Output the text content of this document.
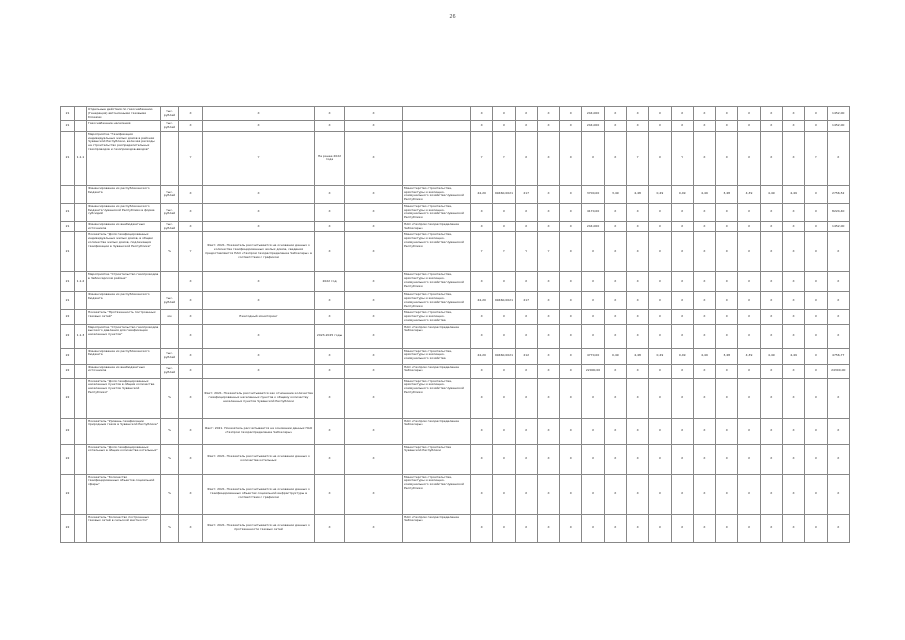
26
21		Отдельные действия по газоснабжению (Генерация) автономными газовыми блоками	тыс. рублей	X	Х	Х	Х		Х	Х	Х	Х	Х	244,000	Х	Х	Х	Х	Х	Х	Х	Х	Х	Х	1452,00
21		Газоснабжение населения	тыс. рублей	X	Х	Х	Х		Х	Х	Х	Х	Х	244,000	Х	Х	Х	Х	Х	Х	Х	Х	Х	Х	1452,00
21	1.1.1	Мероприятие "Газификация индивидуальных жилых домов в районах Чувашской Республики, включая расходы на строительство распределительных газопроводов и газопроводов-вводов"		Y	Y	Не ранее 2022 года	Х		Y	Y	Х	Х	Х	Х	Х	Y	Х	Y	Х	Х	Х	Х	Х	Y	Х
		Финансирование из республиканского бюджета	тыс. рублей	X	Х	Х	Х	Министерство строительства, архитектуры и жилищно-коммунального хозяйства Чувашской Республики	44,20	99460,0021	217	Х	Х	3700,00	3,49	4,48	0,49	0,49	4,49	3,48	4,39	4,49	4,49	Х	2756,52
21		Финансирование из республиканского бюджета Чувашской Республики в форме субсидий	тыс. рублей	X	Х	Х	Х	Министерство строительства, архитектуры и жилищно-коммунального хозяйства Чувашской Республики	Х	Х	Х	Х	Х	4170,00	Х	Х	Х	Х	Х	Х	Х	Х	Х	Х	8224,40
21		Финансирование из внебюджетных источников	тыс. рублей	X	Х	Х	Х	ПАО «Газпром газораспределение Чебоксары»	Х	Х	Х	Х	Х	244,000	Х	Х	Х	Х	Х	Х	Х	Х	Х	Х	1452,00
21		Показатель "Доля газифицированных индивидуальных жилых домов, в общем количестве жилых домов, подлежащих газификации в Чувашской Республике"	%	Y	Факт: 2021. Показатель рассчитывается на основании данных о количестве газифицированных жилых домов, сведения предоставляются ПАО «Газпром газораспределение Чебоксары» в соответствии с графиком	Х	Х	Министерство строительства, архитектуры и жилищно-коммунального хозяйства Чувашской Республики	Y	Y	Y	Y	Х	Х	Х	Х	Х	Х	Х	Х	Х	Х	Х	Х	Х
21	1.1.2	Мероприятие "Строительство газопроводов в Чебоксарском районе"		Х	Х	2022 год	Х	Министерство строительства, архитектуры и жилищно-коммунального хозяйства Чувашской Республики	Х	Х	Х	Х	Х	Х	Х	Х	Х	Х	Х	Х	Х	Х	Х	Х	Х
21		Финансирование из республиканского бюджета	тыс. рублей	X	Х	Х	Х	Министерство строительства, архитектуры и жилищно-коммунального хозяйства Чувашской Республики	44,20	99460,0021	217	Х	Х	Х	Х	Х	Х	Х	Х	Х	Х	Х	Х	Х	Х
22		Показатель "Протяженность построенных газовых сетей"	км	Х	Ежегодный мониторинг	Х	Х	Министерство строительства, архитектуры и жилищно-коммунального хозяйства	Х	Х	Х	Х	Х	Х	Х	Х	Х	Х	Х	Х	Х	Х	Х	Х	Х
22	1.1.3	Мероприятие "Строительство газопроводов высокого давления для газификации населенных пунктов"		Х	Х	2023-2025 годы	Х	ПАО «Газпром газораспределение Чебоксары»	Х	Х	Х	Х	Х	Х	Х	Х	Х	Х	Х	Х	Х	Х	Х	Х	Х
22		Финансирование из республиканского бюджета	тыс. рублей	X	Х	Х	Х	Министерство строительства, архитектуры и жилищно-коммунального хозяйства	44,20	99460,0021	212	Х	Х	4770,00	0,49	4,48	0,49	0,49	4,49	3,48	4,39	4,49	4,49	Х	4756,77
22		Финансирование из внебюджетных источников	тыс. рублей	X	Х	Х	Х	ПАО «Газпром газораспределение Чебоксары»	Х	Х	Х	Х	Х	22000,00	Х	Х	Х	Х	Х	Х	Х	Х	Х	Х	24300,00
22		Показатель "Доля газифицированных населенных пунктов в общем количестве населенных пунктов Чувашской Республики"	%	Х	Факт: 2021. Показатель рассчитывается как отношение количества газифицированных населенных пунктов к общему количеству населенных пунктов Чувашской Республики	Х	Х	Министерство строительства, архитектуры и жилищно-коммунального хозяйства Чувашской Республики	Х	Х	Х	Х	Х	Х	Х	Х	Х	Х	Х	Х	Х	Х	Х	Х	Х
22		Показатель "Уровень газификации природным газом в Чувашской Республике"	%	Х	Факт: 2021. Показатель рассчитывается на основании данных ПАО «Газпром газораспределение Чебоксары»	Х	Х	ПАО «Газпром газораспределение Чебоксары»	Х	Х	Х	Х	Х	Х	Х	Х	Х	Х	Х	Х	Х	Х	Х	Х	Х
22		Показатель "Доля газифицированных котельных в общем количестве котельных"	%	Х	Факт: 2021. Показатель рассчитывается на основании данных о количестве котельных	Х	Х	Министерство строительства Чувашской Республики	Х	Х	Х	Х	Х	Х	Х	Х	Х	Х	Х	Х	Х	Х	Х	Х	Х
22		Показатель "Количество газифицированных объектов социальной сферы"	%	Х	Факт: 2021. Показатель рассчитывается на основании данных о газифицированных объектах социальной инфраструктуры в соответствии с графиком	Х	Х	Министерство строительства, архитектуры и жилищно-коммунального хозяйства Чувашской Республики	Х	Х	Х	Х	Х	Х	Х	Х	Х	Х	Х	Х	Х	Х	Х	Х	Х
22		Показатель "Количество построенных газовых сетей в сельской местности"	%	Х	Факт: 2021. Показатель рассчитывается на основании данных о протяженности газовых сетей	Х	Х	ПАО «Газпром газораспределение Чебоксары»	Х	Х	Х	Х	Х	Х	Х	Х	Х	Х	Х	Х	Х	Х	Х	Х	Х
